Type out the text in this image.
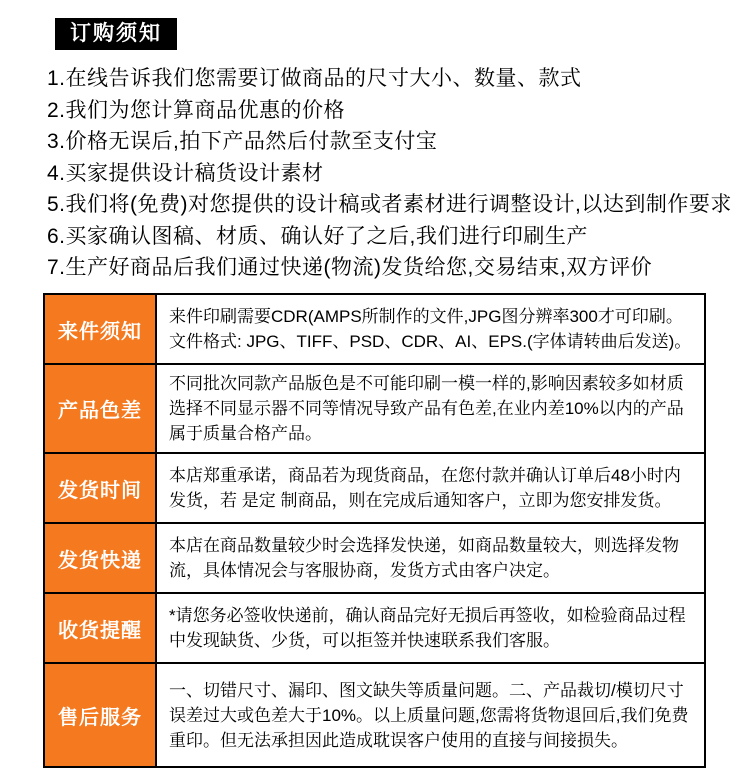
订购须知
1.在线告诉我们您需要订做商品的尺寸大小、数量、款式
2.我们为您计算商品优惠的价格
3.价格无误后,拍下产品然后付款至支付宝
4.买家提供设计稿货设计素材
5.我们将(免费)对您提供的设计稿或者素材进行调整设计,以达到制作要求
6.买家确认图稿、材质、确认好了之后,我们进行印刷生产
7.生产好商品后我们通过快递(物流)发货给您,交易结束,双方评价
来件须知	来件印刷需要CDR(AMPS所制作的文件,JPG图分辨率300才可印刷。文件格式: JPG、TIFF、PSD、CDR、AI、EPS.(字体请转曲后发送)。
产品色差	不同批次同款产品版色是不可能印刷一模一样的,影响因素较多如材质选择不同显示器不同等情况导致产品有色差,在业内差10%以内的产品属于质量合格产品。
发货时间	本店郑重承诺，商品若为现货商品，在您付款并确认订单后48小时内发货，若 是定 制商品，则在完成后通知客户，立即为您安排发货。
发货快递	本店在商品数量较少时会选择发快递，如商品数量较大，则选择发物流，具体情况会与客服协商，发货方式由客户决定。
收货提醒	*请您务必签收快递前，确认商品完好无损后再签收，如检验商品过程中发现缺货、少货，可以拒签并快速联系我们客服。
售后服务	一、切错尺寸、漏印、图文缺失等质量问题。二、产品裁切/模切尺寸误差过大或色差大于10%。以上质量问题,您需将货物退回后,我们免费重印。但无法承担因此造成耽误客户使用的直接与间接损失。
